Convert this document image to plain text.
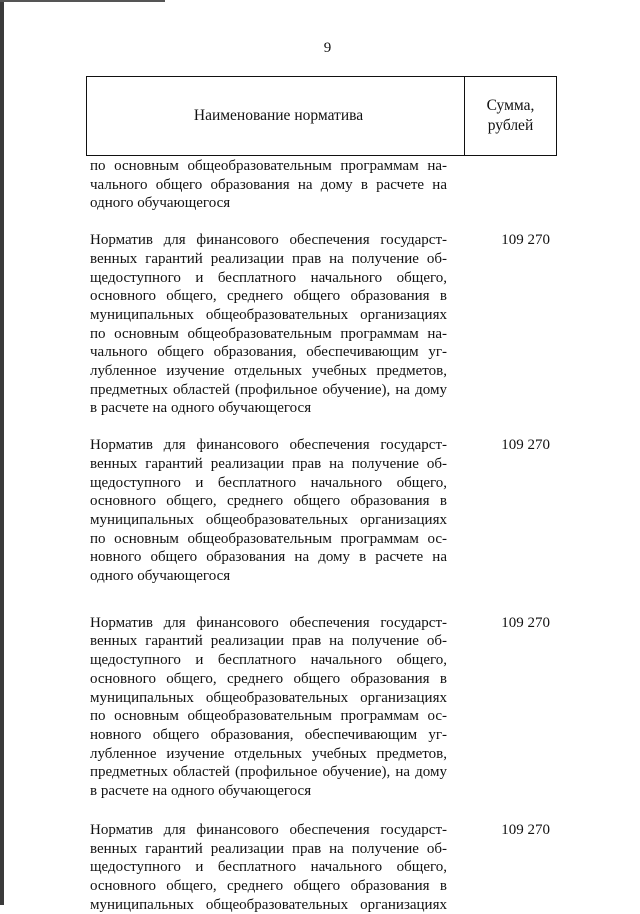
9
Наименование норматива
Сумма,
рублей
по основным общеобразовательным программам на-
чального общего образования на дому в расчете на
одного обучающегося
Норматив для финансового обеспечения государст-
венных гарантий реализации прав на получение об-
щедоступного и бесплатного начального общего,
основного общего, среднего общего образования в
муниципальных общеобразовательных организациях
по основным общеобразовательным программам на-
чального общего образования, обеспечивающим уг-
лубленное изучение отдельных учебных предметов,
предметных областей (профильное обучение), на дому
в расчете на одного обучающегося
109 270
Норматив для финансового обеспечения государст-
венных гарантий реализации прав на получение об-
щедоступного и бесплатного начального общего,
основного общего, среднего общего образования в
муниципальных общеобразовательных организациях
по основным общеобразовательным программам ос-
новного общего образования на дому в расчете на
одного обучающегося
109 270
Норматив для финансового обеспечения государст-
венных гарантий реализации прав на получение об-
щедоступного и бесплатного начального общего,
основного общего, среднего общего образования в
муниципальных общеобразовательных организациях
по основным общеобразовательным программам ос-
новного общего образования, обеспечивающим уг-
лубленное изучение отдельных учебных предметов,
предметных областей (профильное обучение), на дому
в расчете на одного обучающегося
109 270
Норматив для финансового обеспечения государст-
венных гарантий реализации прав на получение об-
щедоступного и бесплатного начального общего,
основного общего, среднего общего образования в
муниципальных общеобразовательных организациях
109 270
